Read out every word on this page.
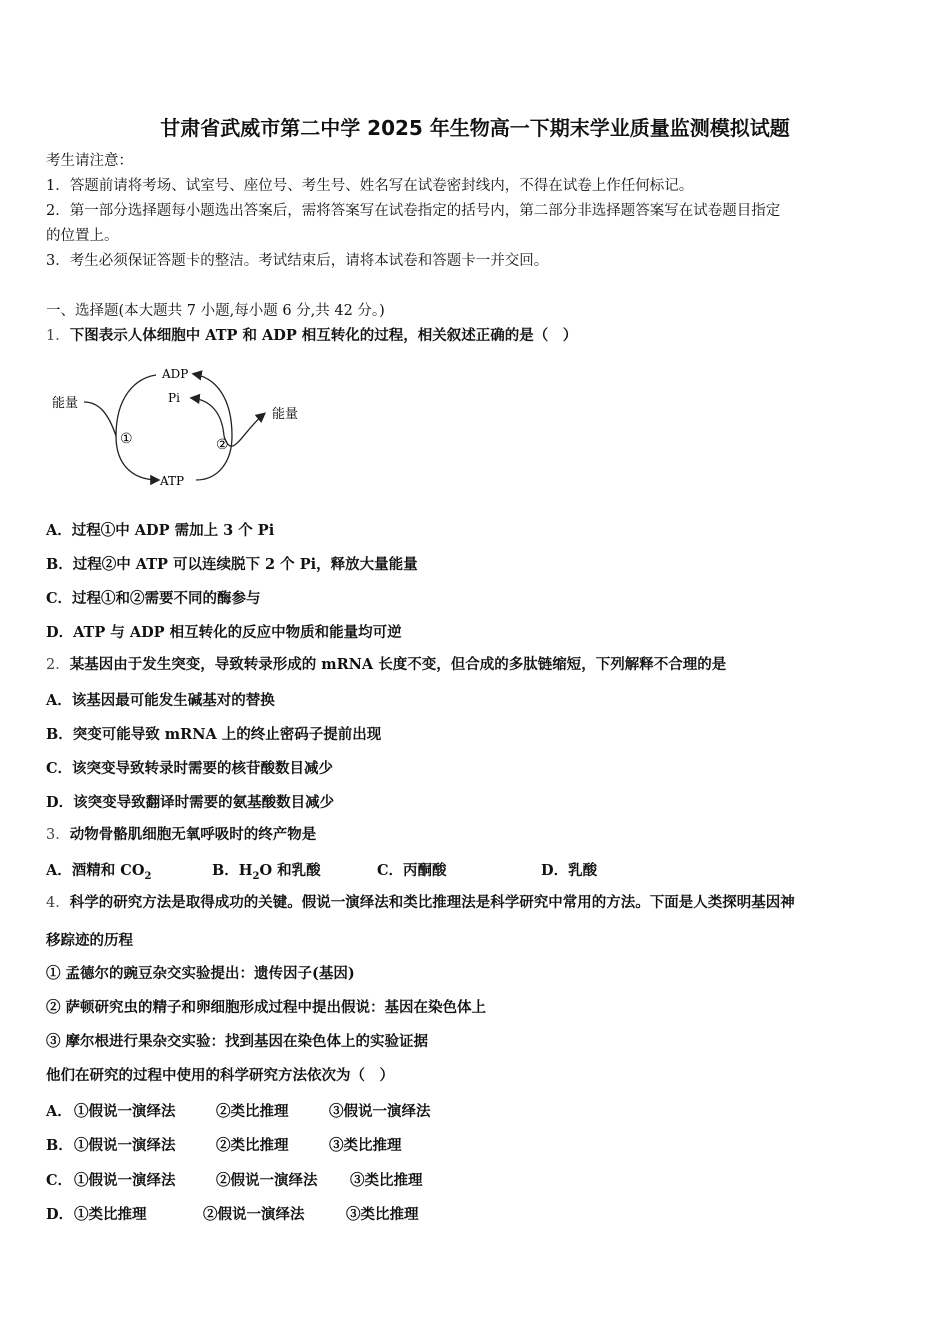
甘肃省武威市第二中学 2025 年生物高一下期末学业质量监测模拟试题
考生请注意：
1．答题前请将考场、试室号、座位号、考生号、姓名写在试卷密封线内，不得在试卷上作任何标记。
2．第一部分选择题每小题选出答案后，需将答案写在试卷指定的括号内，第二部分非选择题答案写在试卷题目指定
的位置上。
3．考生必须保证答题卡的整洁。考试结束后，请将本试卷和答题卡一并交回。
一、选择题(本大题共 7 小题,每小题 6 分,共 42 分。)
1．下图表示人体细胞中 ATP 和 ADP 相互转化的过程，相关叙述正确的是（　）
能量
能量
ADP
Pi
ATP
①	②
A．过程①中 ADP 需加上 3 个 Pi
B．过程②中 ATP 可以连续脱下 2 个 Pi，释放大量能量
C．过程①和②需要不同的酶参与
D．ATP 与 ADP 相互转化的反应中物质和能量均可逆
2．某基因由于发生突变，导致转录形成的 mRNA 长度不变，但合成的多肽链缩短，下列解释不合理的是
A．该基因最可能发生碱基对的替换
B．突变可能导致 mRNA 上的终止密码子提前出现
C．该突变导致转录时需要的核苷酸数目减少
D．该突变导致翻译时需要的氨基酸数目减少
3．动物骨骼肌细胞无氧呼吸时的终产物是
A．酒精和 $CO_2$	B．$H_2O$ 和乳酸	C．丙酮酸	D．乳酸
4．科学的研究方法是取得成功的关键。假说一演绎法和类比推理法是科学研究中常用的方法。下面是人类探明基因神
移踪迹的历程
① 孟德尔的豌豆杂交实验提出：遗传因子(基因)
② 萨顿研究虫的精子和卵细胞形成过程中提出假说：基因在染色体上
③ 摩尔根进行果杂交实验：找到基因在染色体上的实验证据
他们在研究的过程中使用的科学研究方法依次为（　）
A． ①假说一演绎法	②类比推理	③假说一演绎法
B． ①假说一演绎法	②类比推理	③类比推理
C． ①假说一演绎法	②假说一演绎法 ③类比推理
D． ①类比推理	②假说一演绎法	③类比推理
